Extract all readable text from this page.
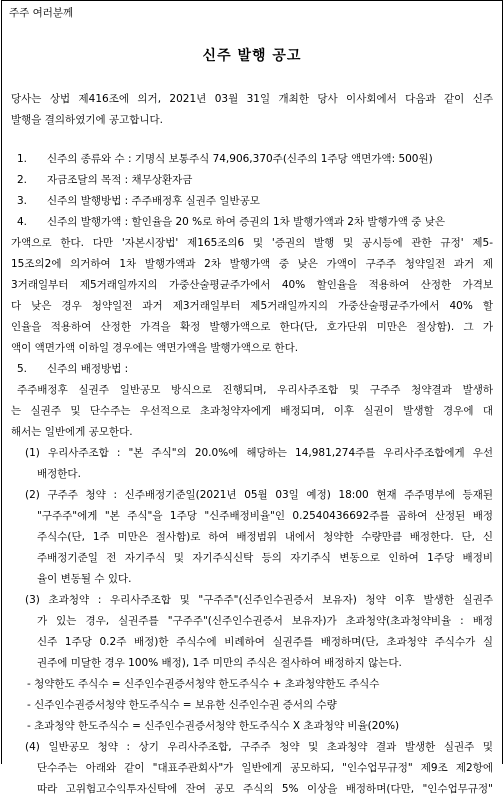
주주 여러분께
신주 발행 공고
당사는 상법 제416조에 의거, 2021년 03월 31일 개최한 당사 이사회에서 다음과 같이 신주
발행을 결의하였기에 공고합니다.
1. 신주의 종류와 수 : 기명식 보통주식 74,906,370주(신주의 1주당 액면가액: 500원)
2. 자금조달의 목적 : 채무상환자금
3. 신주의 발행방법 : 주주배정후 실권주 일반공모
4. 신주의 발행가액 : 할인율을 20 %로 하여 증권의 1차 발행가액과 2차 발행가액 중 낮은
가액으로 한다. 다만 '자본시장법' 제165조의6 및 '증권의 발행 및 공시등에 관한 규정' 제5-
15조의2에 의거하여 1차 발행가액과 2차 발행가액 중 낮은 가액이 구주주 청약일전 과거 제
3거래일부터 제5거래일까지의 가중산술평균주가에서 40% 할인율을 적용하여 산정한 가격보
다 낮은 경우 청약일전 과거 제3거래일부터 제5거래일까지의 가중산술평균주가에서 40% 할
인율을 적용하여 산정한 가격을 확정 발행가액으로 한다(단, 호가단위 미만은 절상함). 그 가
액이 액면가액 이하일 경우에는 액면가액을 발행가액으로 한다.
5. 신주의 배정방법 :
주주배정후 실권주 일반공모 방식으로 진행되며, 우리사주조합 및 구주주 청약결과 발생하
는 실권주 및 단수주는 우선적으로 초과청약자에게 배정되며, 이후 실권이 발생할 경우에 대
해서는 일반에게 공모한다.
(1) 우리사주조합 : "본 주식"의 20.0%에 해당하는 14,981,274주를 우리사주조합에게 우선
배정한다.
(2) 구주주 청약 : 신주배정기준일(2021년 05월 03일 예정) 18:00 현재 주주명부에 등재된
"구주주"에게 "본 주식"을 1주당 "신주배정비율"인 0.2540436692주를 곱하여 산정된 배정
주식수(단, 1주 미만은 절사함)로 하여 배정범위 내에서 청약한 수량만큼 배정한다. 단, 신
주배정기준일 전 자기주식 및 자기주식신탁 등의 자기주식 변동으로 인하여 1주당 배정비
율이 변동될 수 있다.
(3) 초과청약 : 우리사주조합 및 "구주주"(신주인수권증서 보유자) 청약 이후 발생한 실권주
가 있는 경우, 실권주를 "구주주"(신주인수권증서 보유자)가 초과청약(초과청약비율 : 배정
신주 1주당 0.2주 배정)한 주식수에 비례하여 실권주를 배정하며(단, 초과청약 주식수가 실
권주에 미달한 경우 100% 배정), 1주 미만의 주식은 절사하여 배정하지 않는다.
- 청약한도 주식수 = 신주인수권증서청약 한도주식수 + 초과청약한도 주식수
- 신주인수권증서청약 한도주식수 = 보유한 신주인수권 증서의 수량
- 초과청약 한도주식수 = 신주인수권증서청약 한도주식수 X 초과청약 비율(20%)
(4) 일반공모 청약 : 상기 우리사주조합, 구주주 청약 및 초과청약 결과 발생한 실권주 및
단수주는 아래와 같이 "대표주관회사"가 일반에게 공모하되, "인수업무규정" 제9조 제2항에
따라 고위험고수익투자신탁에 잔여 공모 주식의 5% 이상을 배정하며(다만, "인수업무규정"
